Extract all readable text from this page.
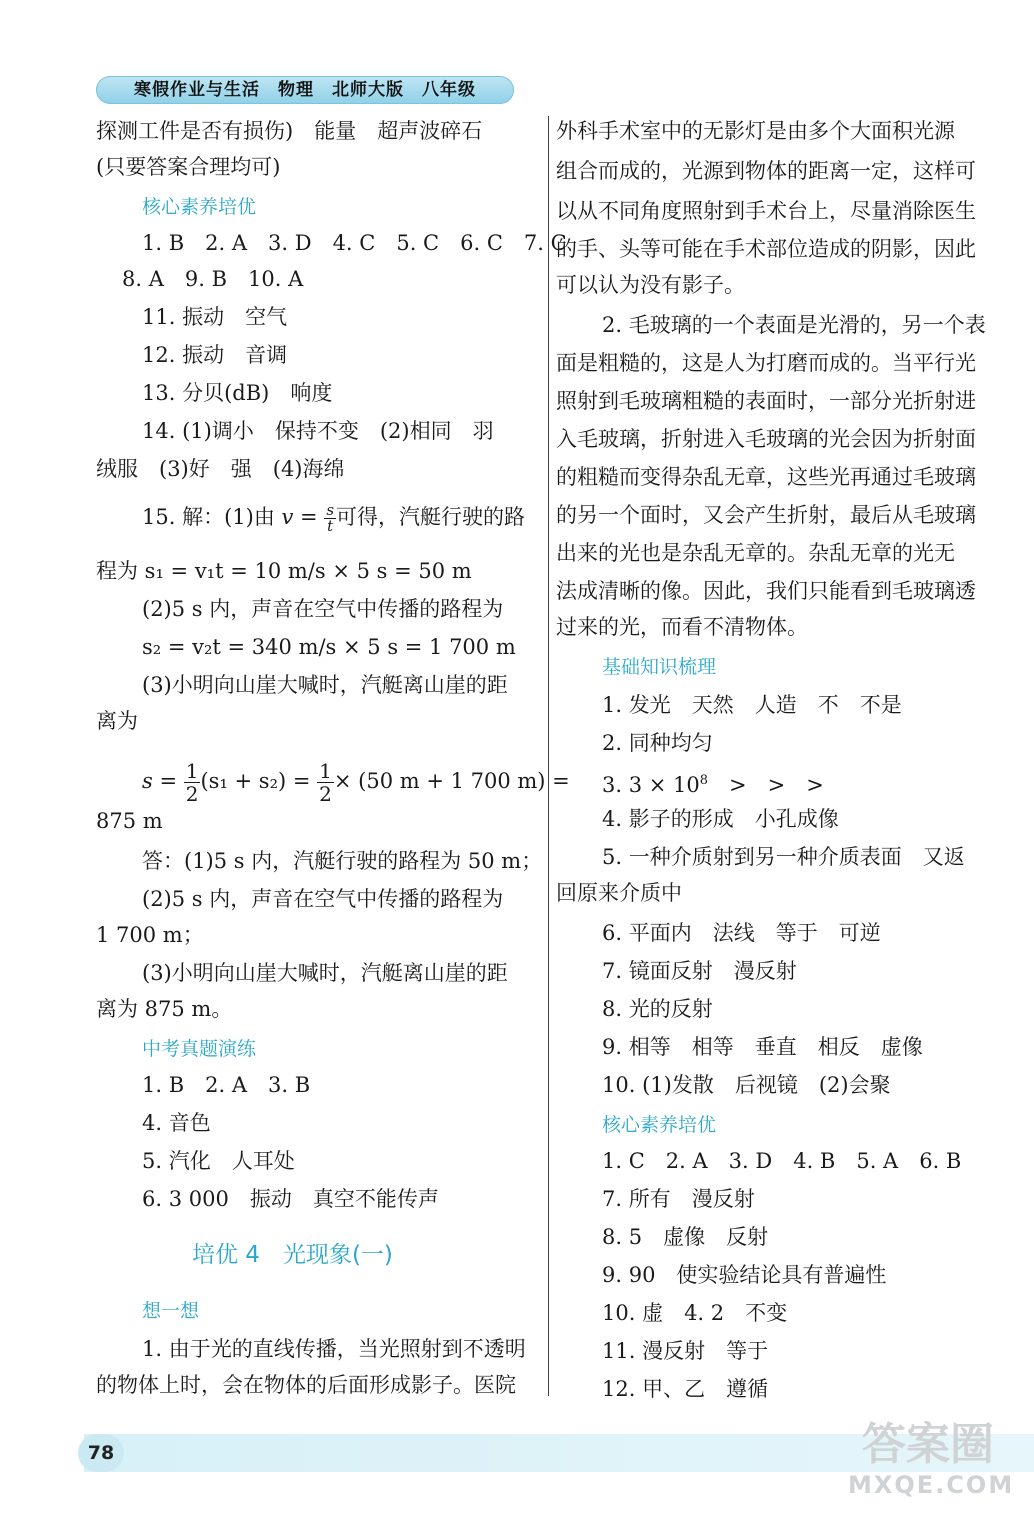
寒假作业与生活　物理　北师大版　八年级
探测工件是否有损伤)　能量　超声波碎石
(只要答案合理均可)
核心素养培优
1. B　2. A　3. D　4. C　5. C　6. C　7. C
8. A　9. B　10. A
11. 振动　空气
12. 振动　音调
13. 分贝(dB)　响度
14. (1)调小　保持不变　(2)相同　羽
绒服　(3)好　强　(4)海绵
15. 解：(1)由 $v = \frac{s}{t}$ 可得，汽艇行驶的路
程为 s₁ = v₁t = 10 m/s × 5 s = 50 m
(2)5 s 内，声音在空气中传播的路程为
s₂ = v₂t = 340 m/s × 5 s = 1 700 m
(3)小明向山崖大喊时，汽艇离山崖的距
离为
$s = \frac{1}{2} (s_1 + s_2) = \frac{1}{2} \times (50$ m + 1 700 m) =
875 m
答：(1)5 s 内，汽艇行驶的路程为 50 m；
(2)5 s 内，声音在空气中传播的路程为
1 700 m；
(3)小明向山崖大喊时，汽艇离山崖的距
离为 875 m。
中考真题演练
1. B　2. A　3. B
4. 音色
5. 汽化　人耳处
6. 3 000　振动　真空不能传声
培优 4　光现象(一)
想一想
1. 由于光的直线传播，当光照射到不透明
的物体上时，会在物体的后面形成影子。医院
外科手术室中的无影灯是由多个大面积光源
组合而成的，光源到物体的距离一定，这样可
以从不同角度照射到手术台上，尽量消除医生
的手、头等可能在手术部位造成的阴影，因此
可以认为没有影子。
2. 毛玻璃的一个表面是光滑的，另一个表
面是粗糙的，这是人为打磨而成的。当平行光
照射到毛玻璃粗糙的表面时，一部分光折射进
入毛玻璃，折射进入毛玻璃的光会因为折射面
的粗糙而变得杂乱无章，这些光再通过毛玻璃
的另一个面时，又会产生折射，最后从毛玻璃
出来的光也是杂乱无章的。杂乱无章的光无
法成清晰的像。因此，我们只能看到毛玻璃透
过来的光，而看不清物体。
基础知识梳理
1. 发光　天然　人造　不　不是
2. 同种均匀
3. $3 \times 10^8$　>　>　>
4. 影子的形成　小孔成像
5. 一种介质射到另一种介质表面　又返
回原来介质中
6. 平面内　法线　等于　可逆
7. 镜面反射　漫反射
8. 光的反射
9. 相等　相等　垂直　相反　虚像
10. (1)发散　后视镜　(2)会聚
核心素养培优
1. C　2. A　3. D　4. B　5. A　6. B
7. 所有　漫反射
8. 5　虚像　反射
9. 90　使实验结论具有普遍性
10. 虚　4. 2　不变
11. 漫反射　等于
12. 甲、乙　遵循
78	答案圈
MXQE.COM
